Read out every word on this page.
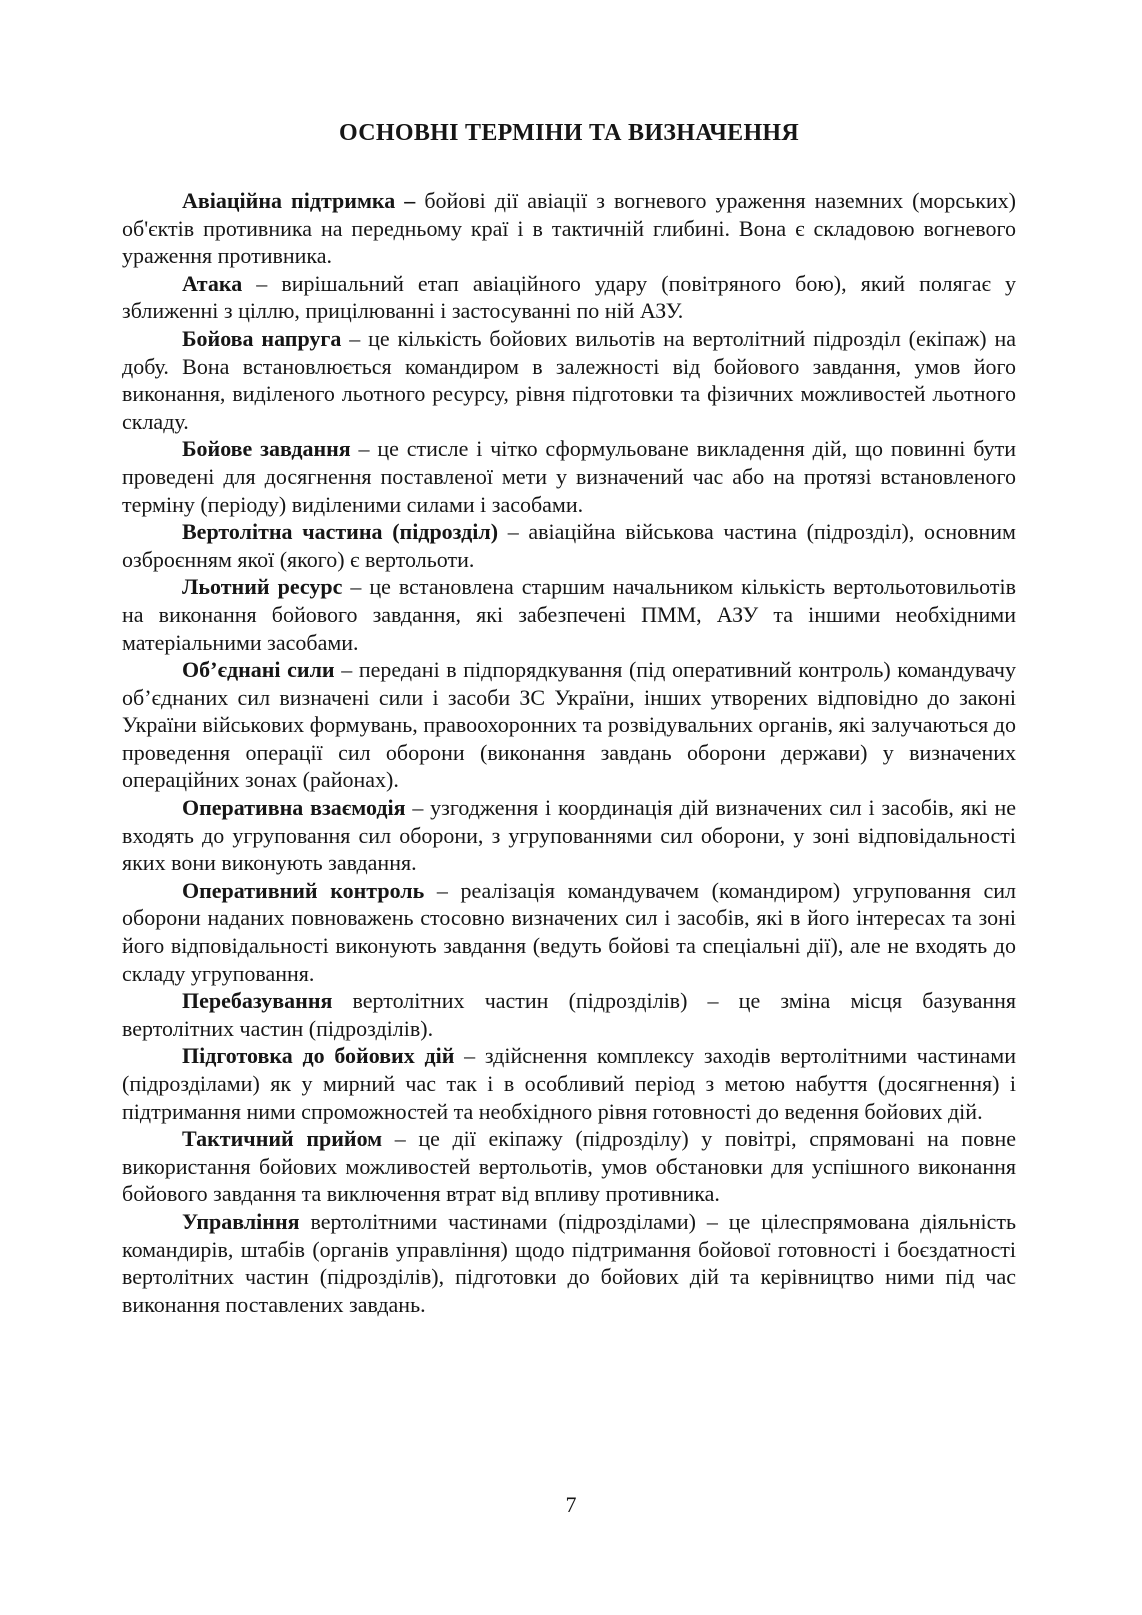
ОСНОВНІ ТЕРМІНИ ТА ВИЗНАЧЕННЯ

Авіаційна підтримка – бойові дії авіації з вогневого ураження наземних (морських) об'єктів противника на передньому краї і в тактичній глибині. Вона є складовою вогневого ураження противника.

Атака – вирішальний етап авіаційного удару (повітряного бою), який полягає у зближенні з ціллю, прицілюванні і застосуванні по ній АЗУ.

Бойова напруга – це кількість бойових вильотів на вертолітний підрозділ (екіпаж) на добу. Вона встановлюється командиром в залежності від бойового завдання, умов його виконання, виділеного льотного ресурсу, рівня підготовки та фізичних можливостей льотного складу.

Бойове завдання – це стисле і чітко сформульоване викладення дій, що повинні бути проведені для досягнення поставленої мети у визначений час або на протязі встановленого терміну (періоду) виділеними силами і засобами.

Вертолітна частина (підрозділ) – авіаційна військова частина (підрозділ), основним озброєнням якої (якого) є вертольоти.

Льотний ресурс – це встановлена старшим начальником кількість вертольотовильотів на виконання бойового завдання, які забезпечені ПММ, АЗУ та іншими необхідними матеріальними засобами.

Об’єднані сили – передані в підпорядкування (під оперативний контроль) командувачу об’єднаних сил визначені сили і засоби ЗС України, інших утворених відповідно до законі України військових формувань, правоохоронних та розвідувальних органів, які залучаються до проведення операції сил оборони (виконання завдань оборони держави) у визначених операційних зонах (районах).

Оперативна взаємодія – узгодження і координація дій визначених сил і засобів, які не входять до угруповання сил оборони, з угрупованнями сил оборони, у зоні відповідальності яких вони виконують завдання.

Оперативний контроль – реалізація командувачем (командиром) угруповання сил оборони наданих повноважень стосовно визначених сил і засобів, які в його інтересах та зоні його відповідальності виконують завдання (ведуть бойові та спеціальні дії), але не входять до складу угруповання.

Перебазування вертолітних частин (підрозділів) – це зміна місця базування вертолітних частин (підрозділів).

Підготовка до бойових дій – здійснення комплексу заходів вертолітними частинами (підрозділами) як у мирний час так і в особливий період з метою набуття (досягнення) і підтримання ними спроможностей та необхідного рівня готовності до ведення бойових дій.

Тактичний прийом – це дії екіпажу (підрозділу) у повітрі, спрямовані на повне використання бойових можливостей вертольотів, умов обстановки для успішного виконання бойового завдання та виключення втрат від впливу противника.

Управління вертолітними частинами (підрозділами) – це цілеспрямована діяльність командирів, штабів (органів управління) щодо підтримання бойової готовності і боєздатності вертолітних частин (підрозділів), підготовки до бойових дій та керівництво ними під час виконання поставлених завдань.

7
